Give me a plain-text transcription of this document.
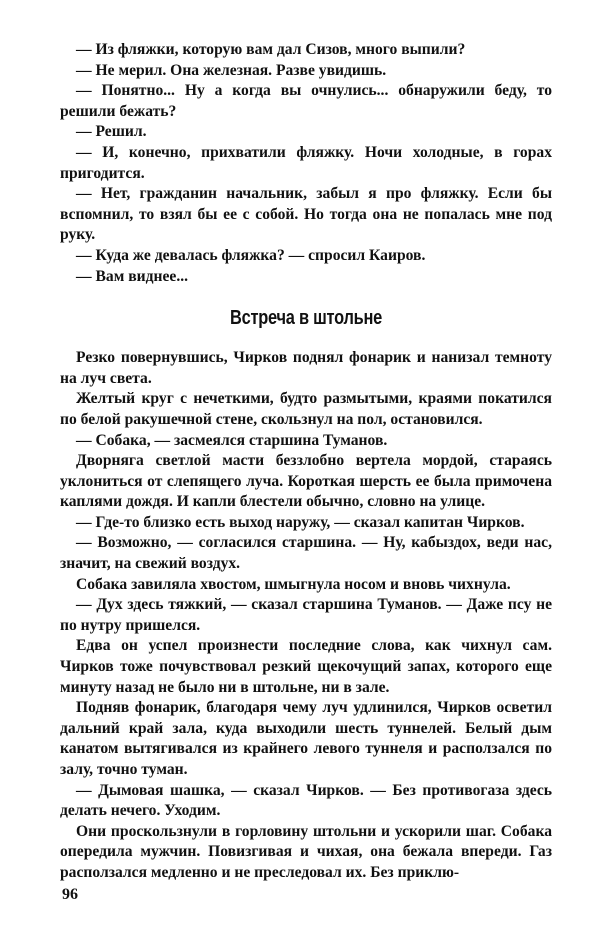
— Из фляжки, которую вам дал Сизов, много выпили?

— Не мерил. Она железная. Разве увидишь.

— Понятно... Ну а когда вы очнулись... обнаружили беду, то решили бежать?

— Решил.

— И, конечно, прихватили фляжку. Ночи холодные, в горах пригодится.

— Нет, гражданин начальник, забыл я про фляжку. Если бы вспомнил, то взял бы ее с собой. Но тогда она не попалась мне под руку.

— Куда же девалась фляжка? — спросил Каиров.

— Вам виднее...

Встреча в штольне

Резко повернувшись, Чирков поднял фонарик и нанизал темноту на луч света.

Желтый круг с нечеткими, будто размытыми, краями покатился по белой ракушечной стене, скользнул на пол, остановился.

— Собака, — засмеялся старшина Туманов.

Дворняга светлой масти беззлобно вертела мордой, стараясь уклониться от слепящего луча. Короткая шерсть ее была примочена каплями дождя. И капли блестели обычно, словно на улице.

— Где-то близко есть выход наружу, — сказал капитан Чирков.

— Возможно, — согласился старшина. — Ну, кабыздох, веди нас, значит, на свежий воздух.

Собака завиляла хвостом, шмыгнула носом и вновь чихнула.

— Дух здесь тяжкий, — сказал старшина Туманов. — Даже псу не по нутру пришелся.

Едва он успел произнести последние слова, как чихнул сам. Чирков тоже почувствовал резкий щекочущий запах, которого еще минуту назад не было ни в штольне, ни в зале.

Подняв фонарик, благодаря чему луч удлинился, Чирков осветил дальний край зала, куда выходили шесть туннелей. Белый дым канатом вытягивался из крайнего левого туннеля и расползался по залу, точно туман.

— Дымовая шашка, — сказал Чирков. — Без противогаза здесь делать нечего. Уходим.

Они проскользнули в горловину штольни и ускорили шаг. Собака опередила мужчин. Повизгивая и чихая, она бежала впереди. Газ расползался медленно и не преследовал их. Без приклю-

96
